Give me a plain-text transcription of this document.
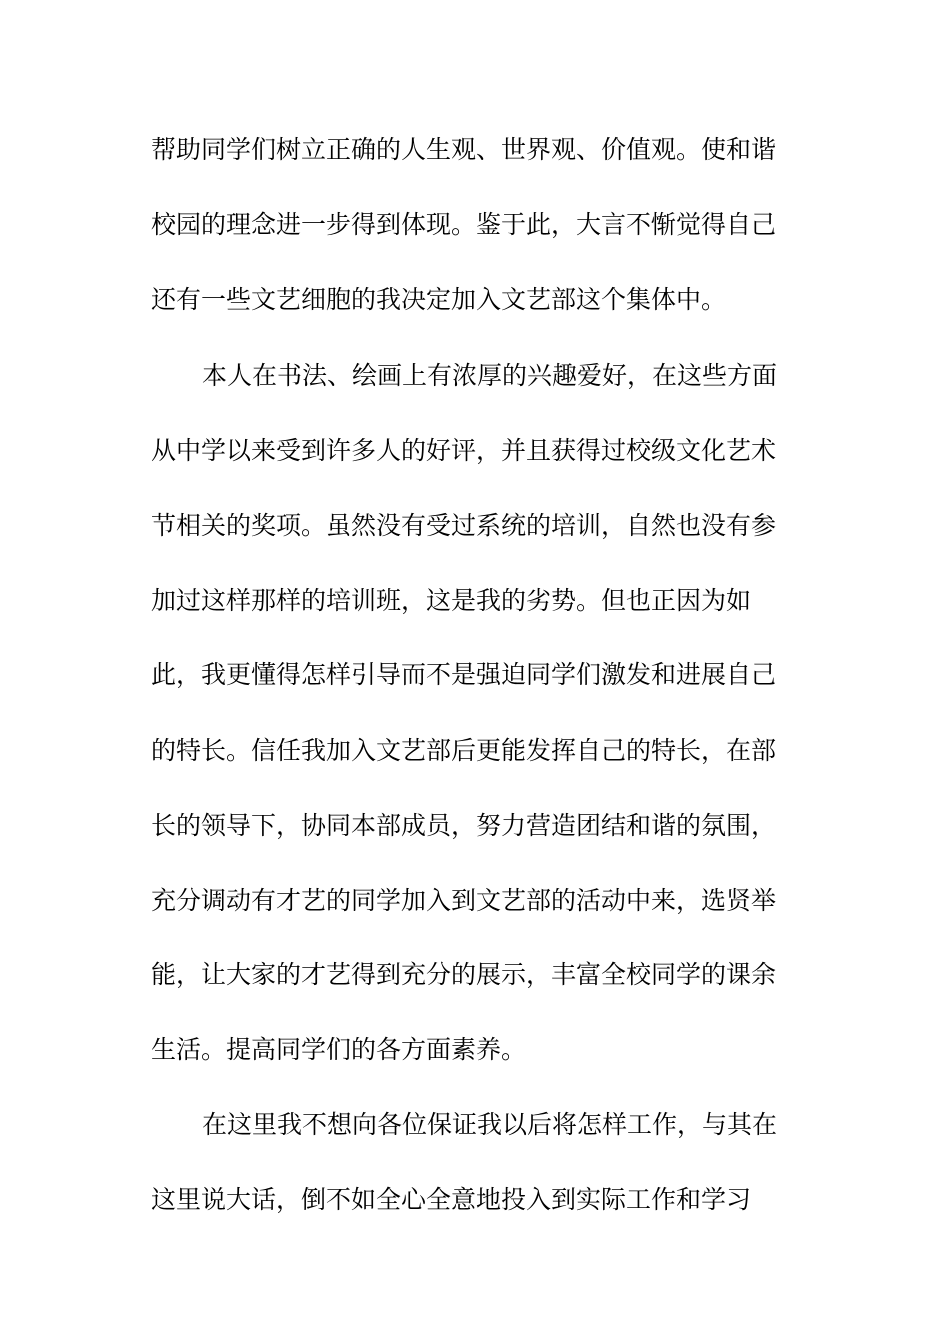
帮助同学们树立正确的人生观、世界观、价值观。使和谐
校园的理念进一步得到体现。鉴于此，大言不惭觉得自己
还有一些文艺细胞的我决定加入文艺部这个集体中。
本人在书法、绘画上有浓厚的兴趣爱好，在这些方面
从中学以来受到许多人的好评，并且获得过校级文化艺术
节相关的奖项。虽然没有受过系统的培训，自然也没有参
加过这样那样的培训班，这是我的劣势。但也正因为如
此，我更懂得怎样引导而不是强迫同学们激发和进展自己
的特长。信任我加入文艺部后更能发挥自己的特长，在部
长的领导下，协同本部成员，努力营造团结和谐的氛围，
充分调动有才艺的同学加入到文艺部的活动中来，选贤举
能，让大家的才艺得到充分的展示，丰富全校同学的课余
生活。提高同学们的各方面素养。
在这里我不想向各位保证我以后将怎样工作，与其在
这里说大话，倒不如全心全意地投入到实际工作和学习
